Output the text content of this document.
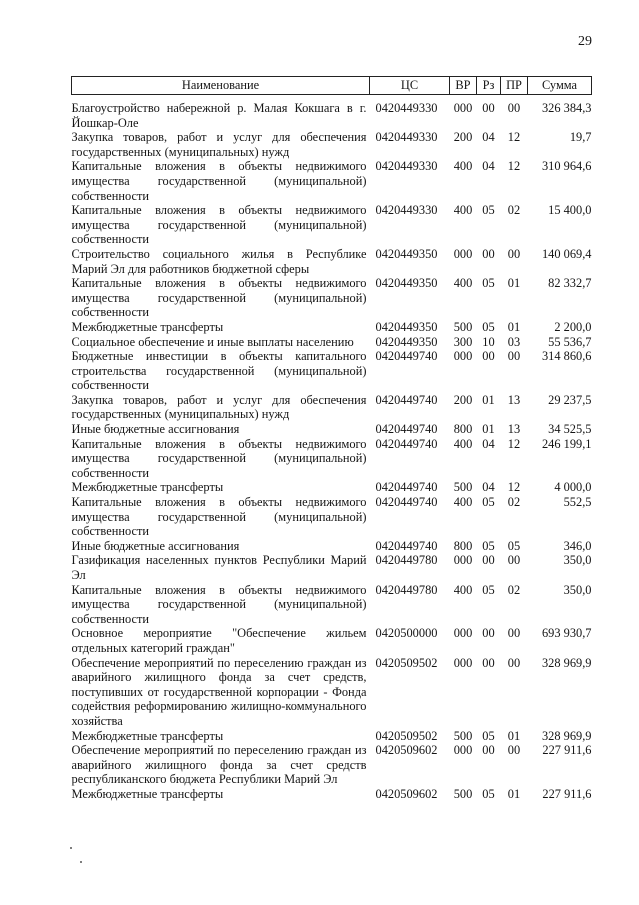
29
Наименование	ЦС	ВР	Рз	ПР	Сумма
Благоустройство набережной р. Малая Кокшага в г. Йошкар-Оле	0420449330	000	00	00	326 384,3
Закупка товаров, работ и услуг для обеспечения государственных (муниципальных) нужд	0420449330	200	04	12	19,7
Капитальные вложения в объекты недвижимого имущества государственной (муниципальной) собственности	0420449330	400	04	12	310 964,6
Капитальные вложения в объекты недвижимого имущества государственной (муниципальной) собственности	0420449330	400	05	02	15 400,0
Строительство социального жилья в Республике Марий Эл для работников бюджетной сферы	0420449350	000	00	00	140 069,4
Капитальные вложения в объекты недвижимого имущества государственной (муниципальной) собственности	0420449350	400	05	01	82 332,7
Межбюджетные трансферты	0420449350	500	05	01	2 200,0
Социальное обеспечение и иные выплаты населению	0420449350	300	10	03	55 536,7
Бюджетные инвестиции в объекты капитального строительства государственной (муниципальной) собственности	0420449740	000	00	00	314 860,6
Закупка товаров, работ и услуг для обеспечения государственных (муниципальных) нужд	0420449740	200	01	13	29 237,5
Иные бюджетные ассигнования	0420449740	800	01	13	34 525,5
Капитальные вложения в объекты недвижимого имущества государственной (муниципальной) собственности	0420449740	400	04	12	246 199,1
Межбюджетные трансферты	0420449740	500	04	12	4 000,0
Капитальные вложения в объекты недвижимого имущества государственной (муниципальной) собственности	0420449740	400	05	02	552,5
Иные бюджетные ассигнования	0420449740	800	05	05	346,0
Газификация населенных пунктов Республики Марий Эл	0420449780	000	00	00	350,0
Капитальные вложения в объекты недвижимого имущества государственной (муниципальной) собственности	0420449780	400	05	02	350,0
Основное мероприятие "Обеспечение жильем отдельных категорий граждан"	0420500000	000	00	00	693 930,7
Обеспечение мероприятий по переселению граждан из аварийного жилищного фонда за счет средств, поступивших от государственной корпорации - Фонда содействия реформированию жилищно-коммунального хозяйства	0420509502	000	00	00	328 969,9
Межбюджетные трансферты	0420509502	500	05	01	328 969,9
Обеспечение мероприятий по переселению граждан из аварийного жилищного фонда за счет средств республиканского бюджета Республики Марий Эл	0420509602	000	00	00	227 911,6
Межбюджетные трансферты	0420509602	500	05	01	227 911,6
